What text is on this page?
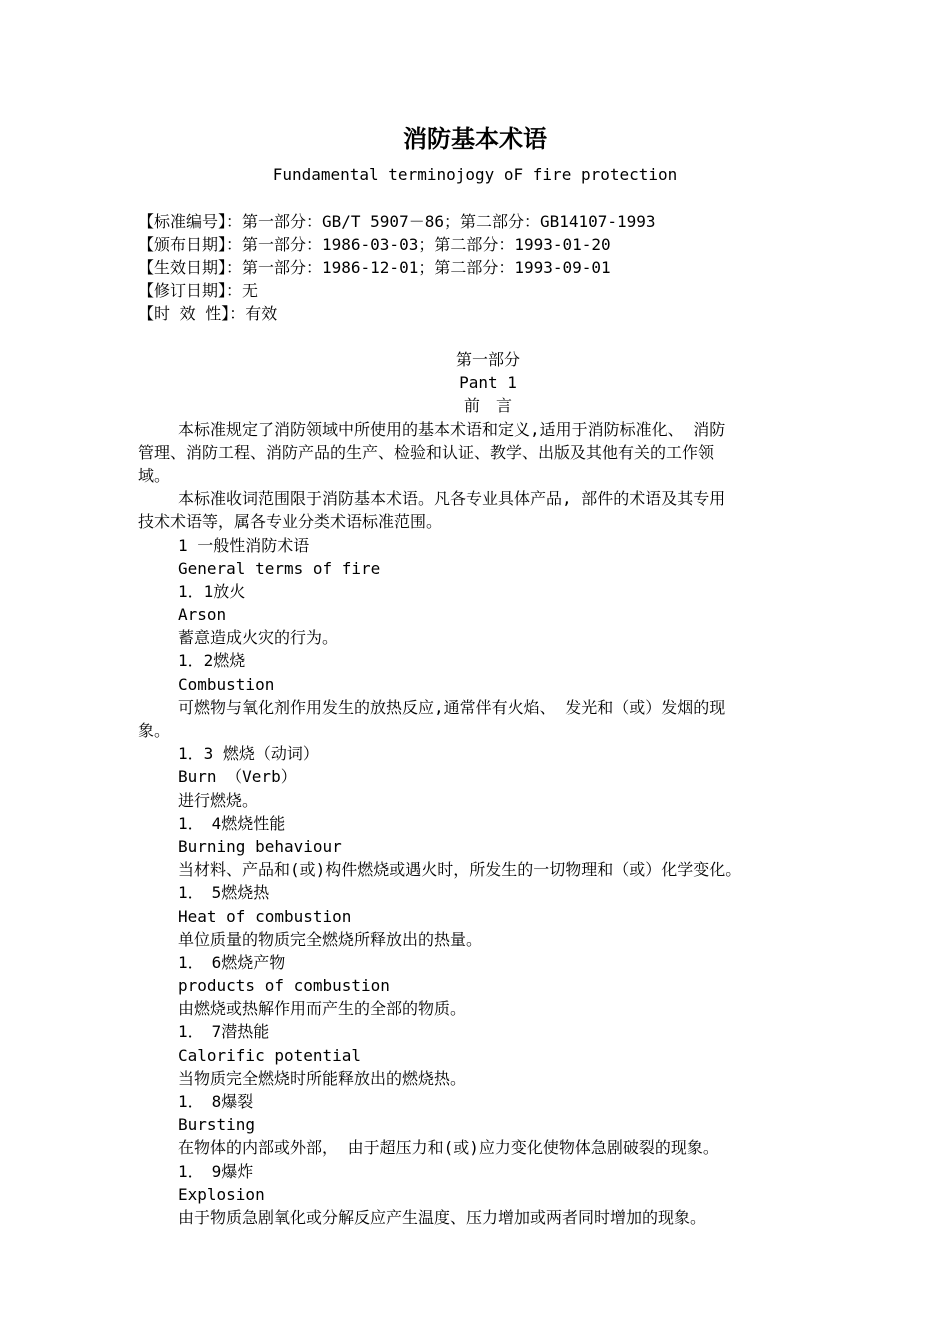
消防基本术语
Fundamental terminojogy oF fire protection
【标准编号】：第一部分：GB/T 5907－86；第二部分：GB14107-1993
【颁布日期】：第一部分：1986-03-03；第二部分：1993-01-20
【生效日期】：第一部分：1986-12-01；第二部分：1993-09-01
【修订日期】：无
【时 效 性】：有效
第一部分
Pant 1
前　言
本标准规定了消防领域中所使用的基本术语和定义,适用于消防标准化、 消防
管理、消防工程、消防产品的生产、检验和认证、教学、出版及其他有关的工作领
域。
本标准收词范围限于消防基本术语。凡各专业具体产品, 部件的术语及其专用
技术术语等，属各专业分类术语标准范围。
1 一般性消防术语
General terms of fire
1．1放火
Arson
蓄意造成火灾的行为。
1．2燃烧
Combustion
可燃物与氧化剂作用发生的放热反应,通常伴有火焰、 发光和（或）发烟的现
象。
1．3 燃烧（动词）
Burn （Verb）
进行燃烧。
1．　4燃烧性能
Burning behaviour
当材料、产品和(或)构件燃烧或遇火时，所发生的一切物理和（或）化学变化。
1．　5燃烧热
Heat of combustion
单位质量的物质完全燃烧所释放出的热量。
1．　6燃烧产物
products of combustion
由燃烧或热解作用而产生的全部的物质。
1．　7潜热能
Calorific potential
当物质完全燃烧时所能释放出的燃烧热。
1．　8爆裂
Bursting
在物体的内部或外部， 由于超压力和(或)应力变化使物体急剧破裂的现象。
1．　9爆炸
Explosion
由于物质急剧氧化或分解反应产生温度、压力增加或两者同时增加的现象。
